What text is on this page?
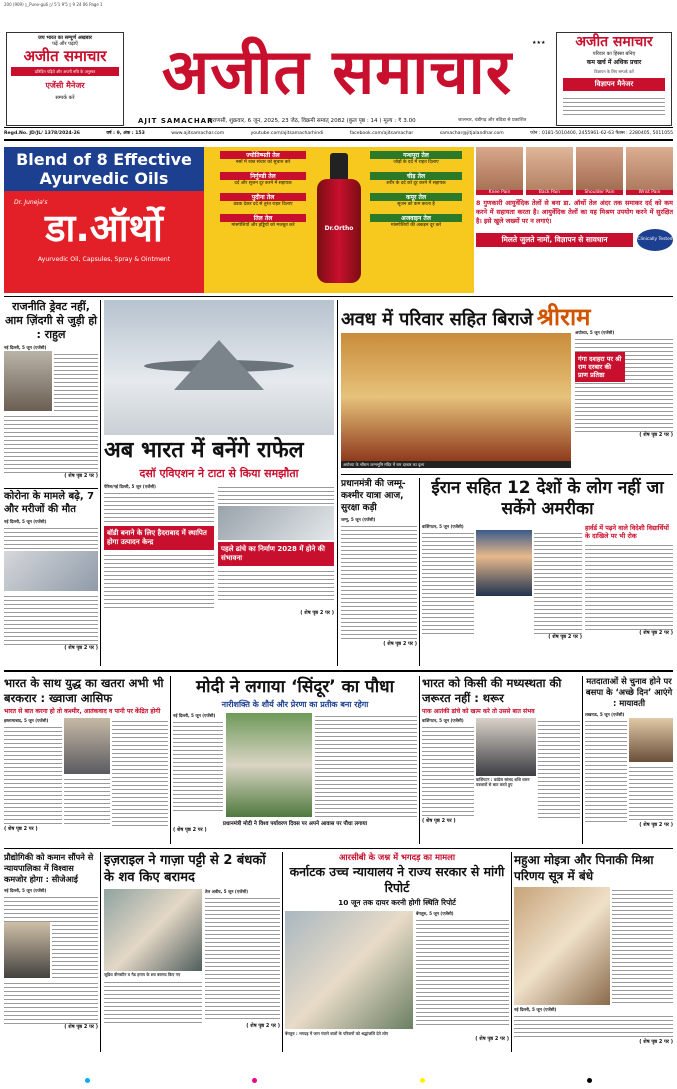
200 (909) ▯_Pune-gu6 ▯/ 5'1 9'5 ▯ 9 24 06 Page 1
जय भारत का सम्पूर्ण अखबार
पढ़ें और पढ़ाएँ
अजीत समाचार
प्रतिदिन पढ़िये और अपनी रुचि के अनुसार
एजेंसी मैनेजर
सम्पर्क करें	अजीत समाचार	★★★
AJIT SAMACHAR
वाराणसी, शुक्रवार, 6 जून, 2025, 23 जेठ, विक्रमी सम्वत् 2082 (कुल पृष्ठ : 14 ) मूल्य : ₹ 3.00	जालन्धर, चंडीगढ़ और बठिंडा से प्रकाशित
अजीत समाचार
परिवार का हिस्सा बनिए
कम खर्च में अधिक प्रचार
विज्ञापन के लिए सम्पर्क करें
विज्ञापन मैनेजर
Regd.No. JD/JL/ 1378/2024-26	वर्ष : 9, अंक : 153	www.ajitsamachar.com	youtube.com/ajitsamacharhindi	facebook.com/ajitsamachar	samachar@jitjalandhar.com	फोन : 0181-5010400, 2455961-62-63 फैक्स : 2280405, 5011055
Blend of 8 Effective Ayurvedic Oils
Dr. Juneja's
डा.ऑर्थो
Ayurvedic Oil, Capsules, Spray & Ointment
ज्योतिष्मती तेल
नसों में रक्त संचार को सुचारु करे
निर्गुण्डी तेल
दर्द और सूजन दूर करने में सहायक
पुदीना तेल
ठंडक देकर दर्द से तुरंत राहत दिलाए
तिल तेल
मांसपेशियों और हड्डियों को मजबूत करे	Dr.Ortho
गन्धपूरा तेल
जोड़ों के दर्द में राहत दिलाए
चीड़ तेल
शरीर के दर्द को दूर करने में सहायक
कपूर तेल
सूजन को कम करता है
अजवाइन तेल
मांसपेशियों की अकड़न दूर करे
Knee Pain	Back Pain	Shoulder Pain	Wrist Pain
8 गुणकारी आयुर्वेदिक तेलों से बना डा. ऑर्थो तेल अंदर तक समाकर दर्द को कम करने में सहायता करता है। आयुर्वेदिक तेलों का यह मिश्रण उपयोग करने में सुरक्षित है। इसे खुले जख्मों पर न लगाएं।
मिलते जुलते नामों, विज्ञापन से सावधान	Clinically Tested
राजनीति ड्रेवट नहीं, आम ज़िंदगी से जुड़ी हो : राहुल
नई दिल्ली, 5 जून (एजेंसी)
( शेष पृष्ठ 2 पर )
कोरोना के मामले बढ़े, 7 और मरीजों की मौत
नई दिल्ली, 5 जून (एजेंसी)
( शेष पृष्ठ 2 पर )
अब भारत में बनेंगे राफेल
दसॉ एविएशन ने टाटा से किया समझौता
पेरिस/नई दिल्ली, 5 जून (एजेंसी)
बॉडी बनाने के लिए हैदराबाद में स्थापित होगा उत्पादन केन्द्र
पहले ढांचे का निर्माण 2028 में होने की संभावना
( शेष पृष्ठ 2 पर )
अवध में परिवार सहित बिराजे श्रीराम
अयोध्या, 5 जून (एजेंसी)
गंगा दशहरा पर श्री राम दरबार की प्राण प्रतिष्ठा
( शेष पृष्ठ 2 पर )
अयोध्या के श्रीराम जन्मभूमि मंदिर में राम दरबार का दृश्य
प्रधानमंत्री की जम्मू-कश्मीर यात्रा आज, सुरक्षा कड़ी
जम्मू, 5 जून (एजेंसी)
( शेष पृष्ठ 2 पर )
ईरान सहित 12 देशों के लोग नहीं जा सकेंगे अमरीका
वाशिंगटन, 5 जून (एजेंसी)
( शेष पृष्ठ 2 पर )
हार्वर्ड में पढ़ने वाले विदेशी विद्यार्थियों के दाखिले पर भी रोक
( शेष पृष्ठ 2 पर )
भारत के साथ युद्ध का खतरा अभी भी बरकरार : ख्वाजा आसिफ
भारत से बात करना हो तो कश्मीर, आतंकवाद व पानी पर केंद्रित होगी
इस्लामाबाद, 5 जून (एजेंसी)
( शेष पृष्ठ 2 पर )
मोदी ने लगाया ‘सिंदूर’ का पौधा
नारीशक्ति के शौर्य और प्रेरणा का प्रतीक बना रहेगा
नई दिल्ली, 5 जून (एजेंसी)
प्रधानमंत्री मोदी ने विश्व पर्यावरण दिवस पर अपने आवास पर पौधा लगाया
( शेष पृष्ठ 2 पर )
भारत को किसी की मध्यस्थता की जरूरत नहीं : थरूर
पाक आतंकी ढांचे को खत्म करे तो उससे बात संभव
वाशिंगटन, 5 जून (एजेंसी)
वाशिंगटन : कांग्रेस सांसद शशि थरूर पत्रकारों से बात करते हुए
( शेष पृष्ठ 2 पर )
मतदाताओं से चुनाव होने पर बसपा के ‘अच्छे दिन’ आएंगे : मायावती
लखनऊ, 5 जून (एजेंसी)
( शेष पृष्ठ 2 पर )
प्रौद्योगिकी को कमान सौंपने से न्यायपालिका में विश्वास कमजोर होगा : सीजेआई
नई दिल्ली, 5 जून (एजेंसी)
( शेष पृष्ठ 2 पर )
इज़राइल ने गाज़ा पट्टी से 2 बंधकों के शव किए बरामद
जूडिथ वीनस्टीन व गैड हगाय के शव बरामद किए गए
तेल अवीव, 5 जून (एजेंसी)
( शेष पृष्ठ 2 पर )
आरसीबी के जश्न में भगदड़ का मामला
कर्नाटक उच्च न्यायालय ने राज्य सरकार से मांगी रिपोर्ट
10 जून तक दायर करनी होगी स्थिति रिपोर्ट
बेंगलुरु, 5 जून (एजेंसी)
बेंगलुरु : भगदड़ में जान गंवाने वालों के परिजनों को श्रद्धांजलि देते लोग
( शेष पृष्ठ 2 पर )
महुआ मोइत्रा और पिनाकी मिश्रा परिणय सूत्र में बंधे
नई दिल्ली, 5 जून (एजेंसी)
( शेष पृष्ठ 2 पर )
